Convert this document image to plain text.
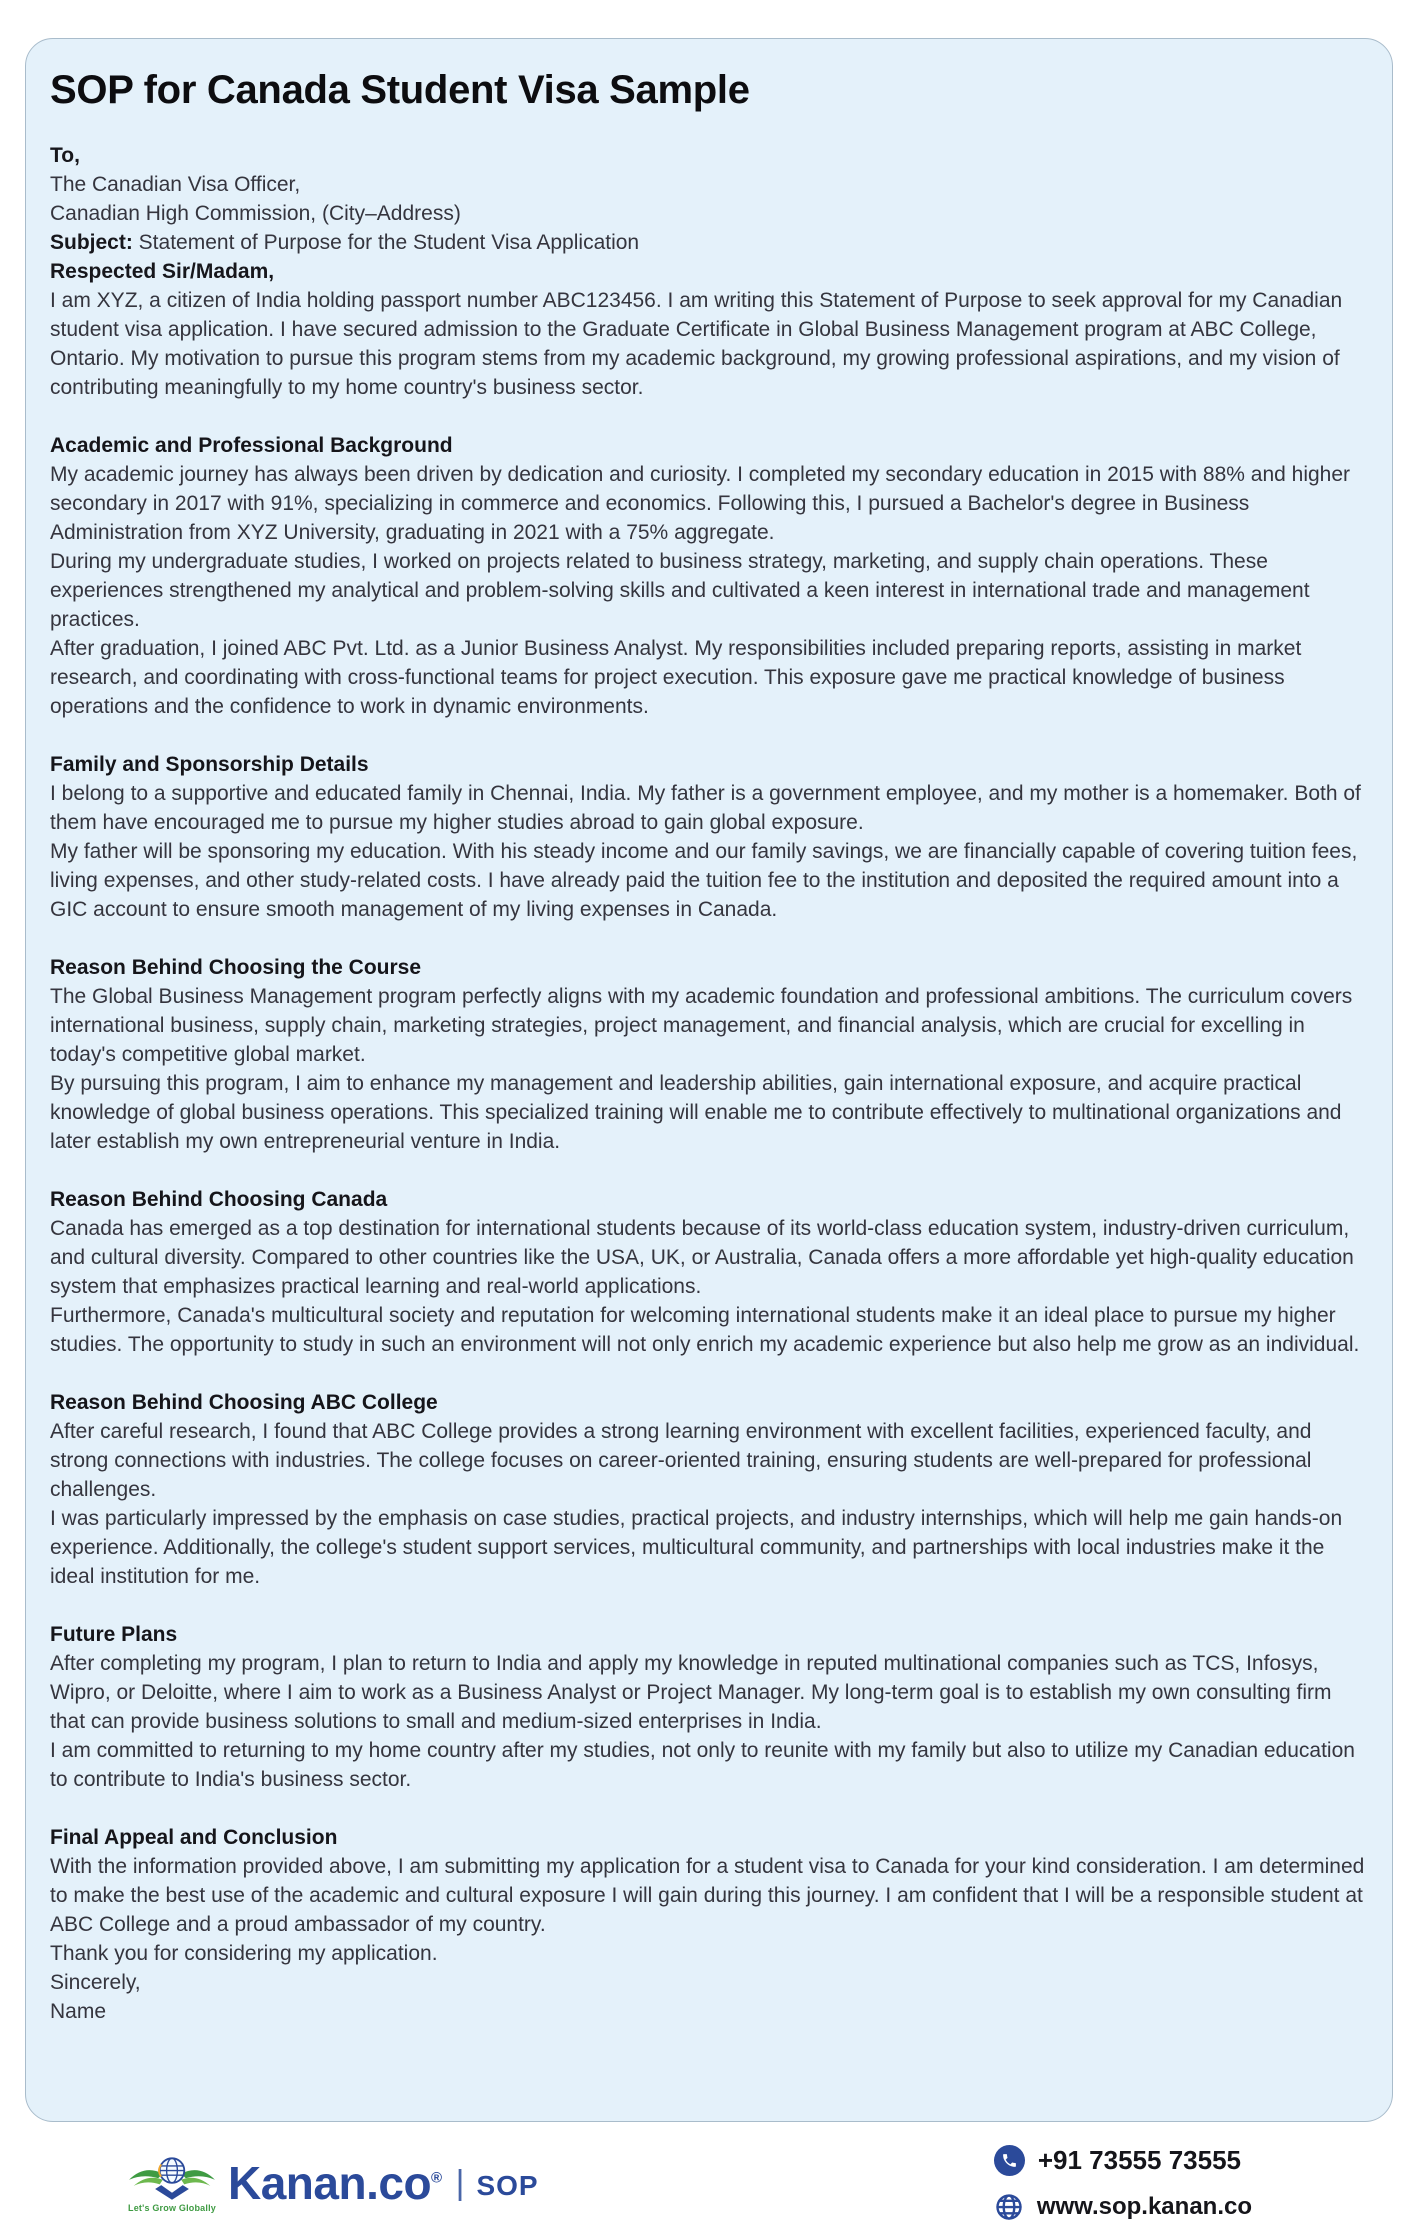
SOP for Canada Student Visa Sample
To,
The Canadian Visa Officer,
Canadian High Commission, (City–Address)
Subject: Statement of Purpose for the Student Visa Application
Respected Sir/Madam,

I am XYZ, a citizen of India holding passport number ABC123456. I am writing this Statement of Purpose to seek approval for my Canadian student visa application. I have secured admission to the Graduate Certificate in Global Business Management program at ABC College, Ontario. My motivation to pursue this program stems from my academic background, my growing professional aspirations, and my vision of contributing meaningfully to my home country's business sector.

Academic and Professional Background

My academic journey has always been driven by dedication and curiosity. I completed my secondary education in 2015 with 88% and higher secondary in 2017 with 91%, specializing in commerce and economics. Following this, I pursued a Bachelor's degree in Business Administration from XYZ University, graduating in 2021 with a 75% aggregate.

During my undergraduate studies, I worked on projects related to business strategy, marketing, and supply chain operations. These experiences strengthened my analytical and problem-solving skills and cultivated a keen interest in international trade and management practices.

After graduation, I joined ABC Pvt. Ltd. as a Junior Business Analyst. My responsibilities included preparing reports, assisting in market research, and coordinating with cross-functional teams for project execution. This exposure gave me practical knowledge of business operations and the confidence to work in dynamic environments.

Family and Sponsorship Details

I belong to a supportive and educated family in Chennai, India. My father is a government employee, and my mother is a homemaker. Both of them have encouraged me to pursue my higher studies abroad to gain global exposure.

My father will be sponsoring my education. With his steady income and our family savings, we are financially capable of covering tuition fees, living expenses, and other study-related costs. I have already paid the tuition fee to the institution and deposited the required amount into a GIC account to ensure smooth management of my living expenses in Canada.

Reason Behind Choosing the Course

The Global Business Management program perfectly aligns with my academic foundation and professional ambitions. The curriculum covers international business, supply chain, marketing strategies, project management, and financial analysis, which are crucial for excelling in today's competitive global market.

By pursuing this program, I aim to enhance my management and leadership abilities, gain international exposure, and acquire practical knowledge of global business operations. This specialized training will enable me to contribute effectively to multinational organizations and later establish my own entrepreneurial venture in India.

Reason Behind Choosing Canada

Canada has emerged as a top destination for international students because of its world-class education system, industry-driven curriculum, and cultural diversity. Compared to other countries like the USA, UK, or Australia, Canada offers a more affordable yet high-quality education system that emphasizes practical learning and real-world applications.

Furthermore, Canada's multicultural society and reputation for welcoming international students make it an ideal place to pursue my higher studies. The opportunity to study in such an environment will not only enrich my academic experience but also help me grow as an individual.

Reason Behind Choosing ABC College

After careful research, I found that ABC College provides a strong learning environment with excellent facilities, experienced faculty, and strong connections with industries. The college focuses on career-oriented training, ensuring students are well-prepared for professional challenges.

I was particularly impressed by the emphasis on case studies, practical projects, and industry internships, which will help me gain hands-on experience. Additionally, the college's student support services, multicultural community, and partnerships with local industries make it the ideal institution for me.

Future Plans

After completing my program, I plan to return to India and apply my knowledge in reputed multinational companies such as TCS, Infosys, Wipro, or Deloitte, where I aim to work as a Business Analyst or Project Manager. My long-term goal is to establish my own consulting firm that can provide business solutions to small and medium-sized enterprises in India.

I am committed to returning to my home country after my studies, not only to reunite with my family but also to utilize my Canadian education to contribute to India's business sector.

Final Appeal and Conclusion

With the information provided above, I am submitting my application for a student visa to Canada for your kind consideration. I am determined to make the best use of the academic and cultural exposure I will gain during this journey. I am confident that I will be a responsible student at ABC College and a proud ambassador of my country.

Thank you for considering my application.

Sincerely,

Name

Let's Grow Globally Kanan.co® | SOP
+91 73555 73555
www.sop.kanan.co
